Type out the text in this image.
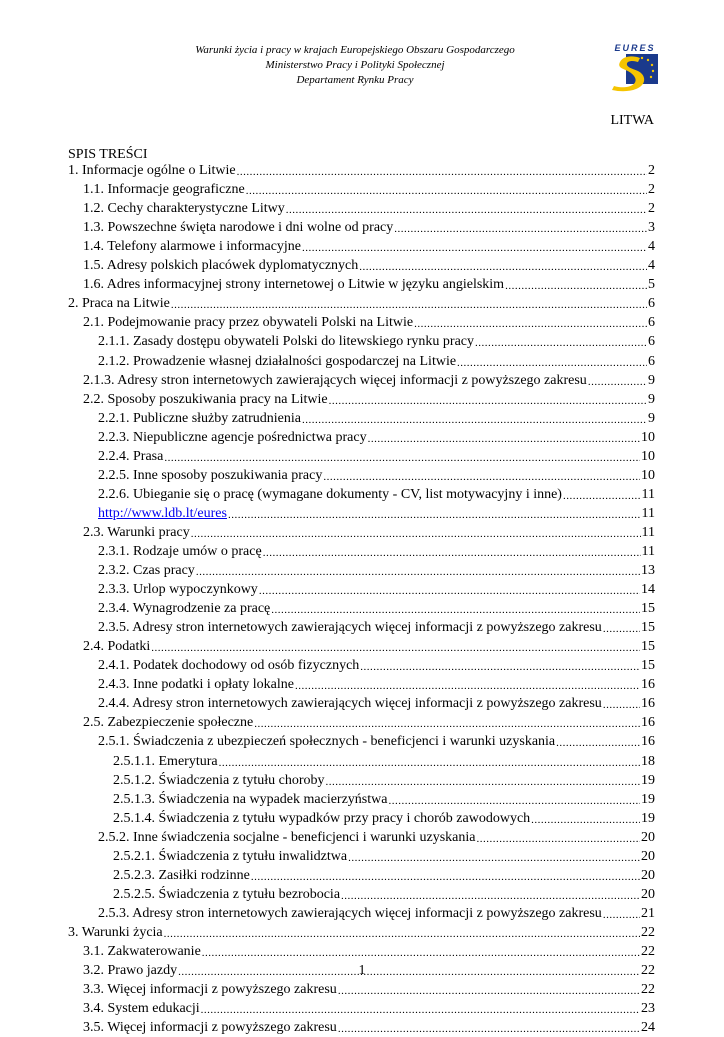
Warunki życia i pracy w krajach Europejskiego Obszaru Gospodarczego
Ministerstwo Pracy i Polityki Społecznej
Departament Rynku Pracy
EURES
LITWA
SPIS TREŚCI
1. Informacje ogólne o Litwie .....	2
1.1. Informacje geograficzne .....	2
1.2. Cechy charakterystyczne Litwy .....	2
1.3. Powszechne święta narodowe i dni wolne od pracy .....	3
1.4. Telefony alarmowe i informacyjne .....	4
1.5. Adresy polskich placówek dyplomatycznych .....	4
1.6. Adres informacyjnej strony internetowej o Litwie w języku angielskim .....	5
2. Praca na Litwie .....	6
2.1. Podejmowanie pracy przez obywateli Polski na Litwie .....	6
2.1.1. Zasady dostępu obywateli Polski do litewskiego rynku pracy .....	6
2.1.2. Prowadzenie własnej działalności gospodarczej na Litwie .....	6
2.1.3. Adresy stron internetowych zawierających więcej informacji z powyższego zakresu .....	9
2.2. Sposoby poszukiwania pracy na Litwie .....	9
2.2.1. Publiczne służby zatrudnienia .....	9
2.2.3. Niepubliczne agencje pośrednictwa pracy .....	10
2.2.4. Prasa .....	10
2.2.5. Inne sposoby poszukiwania pracy .....	10
2.2.6. Ubieganie się o pracę (wymagane dokumenty - CV, list motywacyjny i inne) .....	11
http://www.ldb.lt/eures .....	11
2.3. Warunki pracy .....	11
2.3.1. Rodzaje umów o pracę .....	11
2.3.2. Czas pracy .....	13
2.3.3. Urlop wypoczynkowy .....	14
2.3.4. Wynagrodzenie za pracę .....	15
2.3.5. Adresy stron internetowych zawierających więcej informacji z powyższego zakresu .....	15
2.4. Podatki .....	15
2.4.1. Podatek dochodowy od osób fizycznych .....	15
2.4.3. Inne podatki i opłaty lokalne .....	16
2.4.4. Adresy stron internetowych zawierających więcej informacji z powyższego zakresu .....	16
2.5. Zabezpieczenie społeczne .....	16
2.5.1. Świadczenia z ubezpieczeń społecznych - beneficjenci i warunki uzyskania .....	16
2.5.1.1. Emerytura .....	18
2.5.1.2. Świadczenia z tytułu choroby .....	19
2.5.1.3. Świadczenia na wypadek macierzyństwa .....	19
2.5.1.4. Świadczenia z tytułu wypadków przy pracy i chorób zawodowych .....	19
2.5.2. Inne świadczenia socjalne - beneficjenci i warunki uzyskania .....	20
2.5.2.1. Świadczenia z tytułu inwalidztwa .....	20
2.5.2.3. Zasiłki rodzinne .....	20
2.5.2.5. Świadczenia z tytułu bezrobocia .....	20
2.5.3. Adresy stron internetowych zawierających więcej informacji z powyższego zakresu .....	21
3. Warunki życia .....	22
3.1. Zakwaterowanie .....	22
3.2. Prawo jazdy .....	22
3.3. Więcej informacji z powyższego zakresu .....	22
3.4. System edukacji .....	23
3.5. Więcej informacji z powyższego zakresu .....	24
1
